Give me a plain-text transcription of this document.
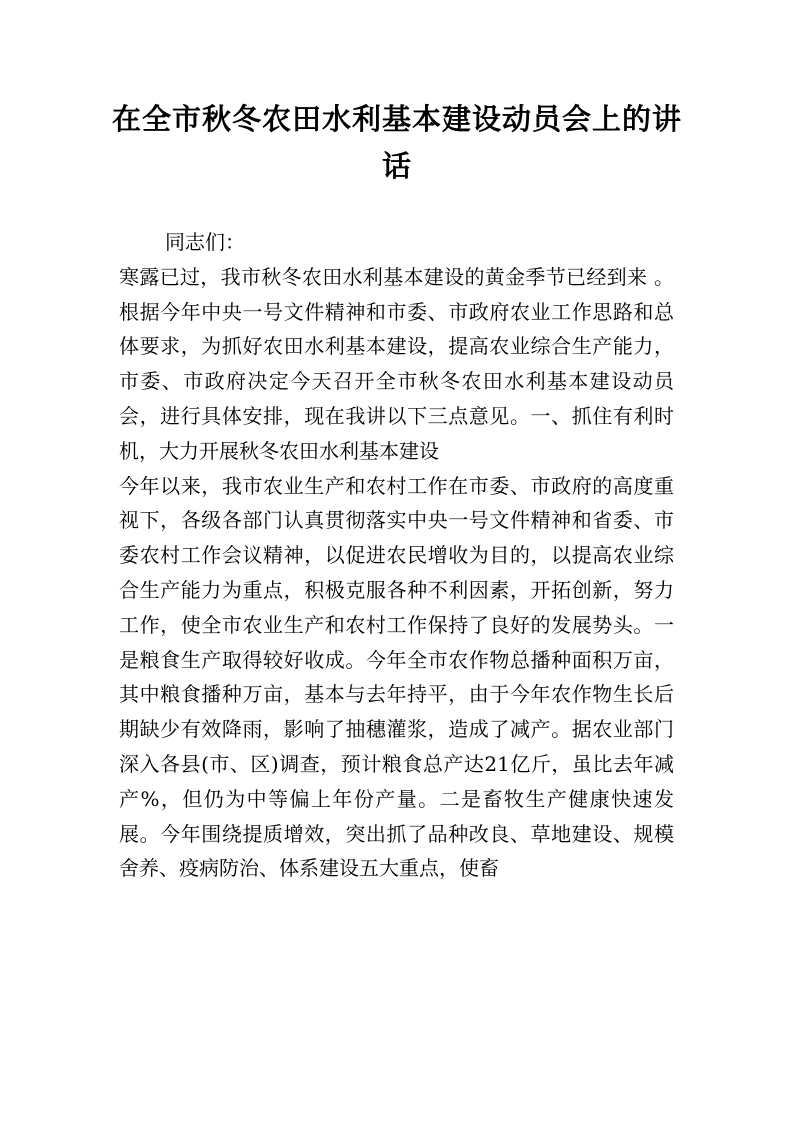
在全市秋冬农田水利基本建设动员会上的讲话

同志们：

寒露已过，我市秋冬农田水利基本建设的黄金季节已经到来 。根据今年中央一号文件精神和市委、市政府农业工作思路和总体要求，为抓好农田水利基本建设，提高农业综合生产能力，市委、市政府决定今天召开全市秋冬农田水利基本建设动员会，进行具体安排，现在我讲以下三点意见。一、抓住有利时机，大力开展秋冬农田水利基本建设

今年以来，我市农业生产和农村工作在市委、市政府的高度重视下，各级各部门认真贯彻落实中央一号文件精神和省委、市委农村工作会议精神，以促进农民增收为目的，以提高农业综合生产能力为重点，积极克服各种不利因素，开拓创新，努力工作，使全市农业生产和农村工作保持了良好的发展势头。一是粮食生产取得较好收成。今年全市农作物总播种面积万亩，其中粮食播种万亩，基本与去年持平，由于今年农作物生长后期缺少有效降雨，影响了抽穗灌浆，造成了减产。据农业部门深入各县(市、区)调查，预计粮食总产达21亿斤，虽比去年减产%，但仍为中等偏上年份产量。二是畜牧生产健康快速发展。今年围绕提质增效，突出抓了品种改良、草地建设、规模舍养、疫病防治、体系建设五大重点，使畜
